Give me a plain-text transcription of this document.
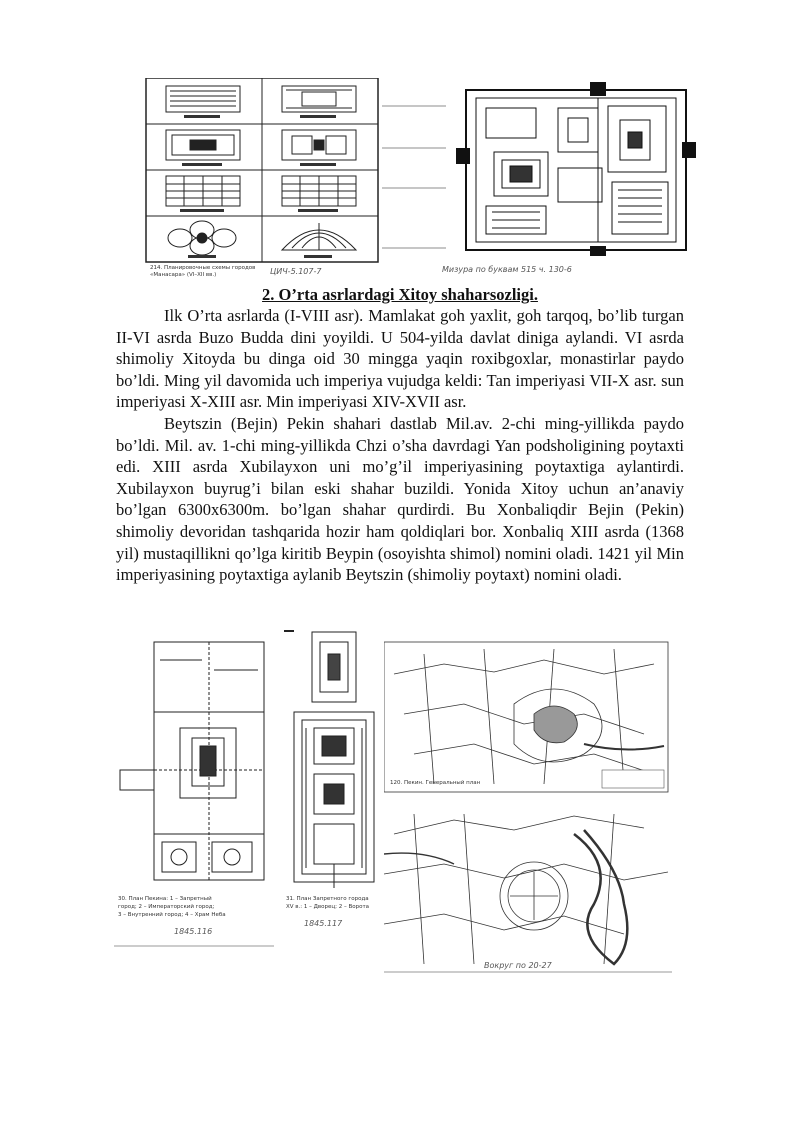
214. Планировочные схемы городов
«Манасара» (VI–XII вв.)	ЦИЧ-5.107-7	Мизура по буквам 515 ч. 130-6
2. O’rta asrlardagi Xitoy shaharsozligi.

Ilk O’rta asrlarda (I-VIII asr). Mamlakat goh yaxlit, goh tarqoq, bo’lib turgan II-VI asrda Buzo Budda dini yoyildi. U 504-yilda davlat diniga aylandi. VI asrda shimoliy Xitoyda bu dinga oid 30 mingga yaqin roxibgoxlar, monastirlar paydo bo’ldi. Ming yil davomida uch imperiya vujudga keldi: Tan imperiyasi VII-X asr. sun imperiyasi X-XIII asr. Min imperiyasi XIV-XVII asr.

Beytszin (Bejin) Pekin shahari dastlab Mil.av. 2-chi ming-yillikda paydo bo’ldi. Mil. av. 1-chi ming-yillikda Chzi o’sha davrdagi Yan podsholigining poytaxti edi. XIII asrda Xubilayxon uni mo’g’il imperiyasining poytaxtiga aylantirdi. Xubilayxon buyrug’i bilan eski shahar buzildi. Yonida Xitoy uchun an’anaviy bo’lgan 6300x6300m. bo’lgan shahar qurdirdi. Bu Xonbaliqdir Bejin (Pekin) shimoliy devoridan tashqarida hozir ham qoldiqlari bor. Xonbaliq XIII asrda (1368 yil) mustaqillikni qo’lga kiritib Beypin (osoyishta shimol) nomini oladi. 1421 yil Min imperiyasining poytaxtiga aylanib Beytszin (shimoliy poytaxt) nomini oladi.

30. План Пекина: 1 – Запретный
город; 2 – Императорский город;
3 – Внутренний город; 4 – Храм Неба
1845.116
31. План Запретного города
XV в.: 1 – Дворец; 2 – Ворота
1845.117
120. Пекин. Генеральный план
Вокруг по 20-27
